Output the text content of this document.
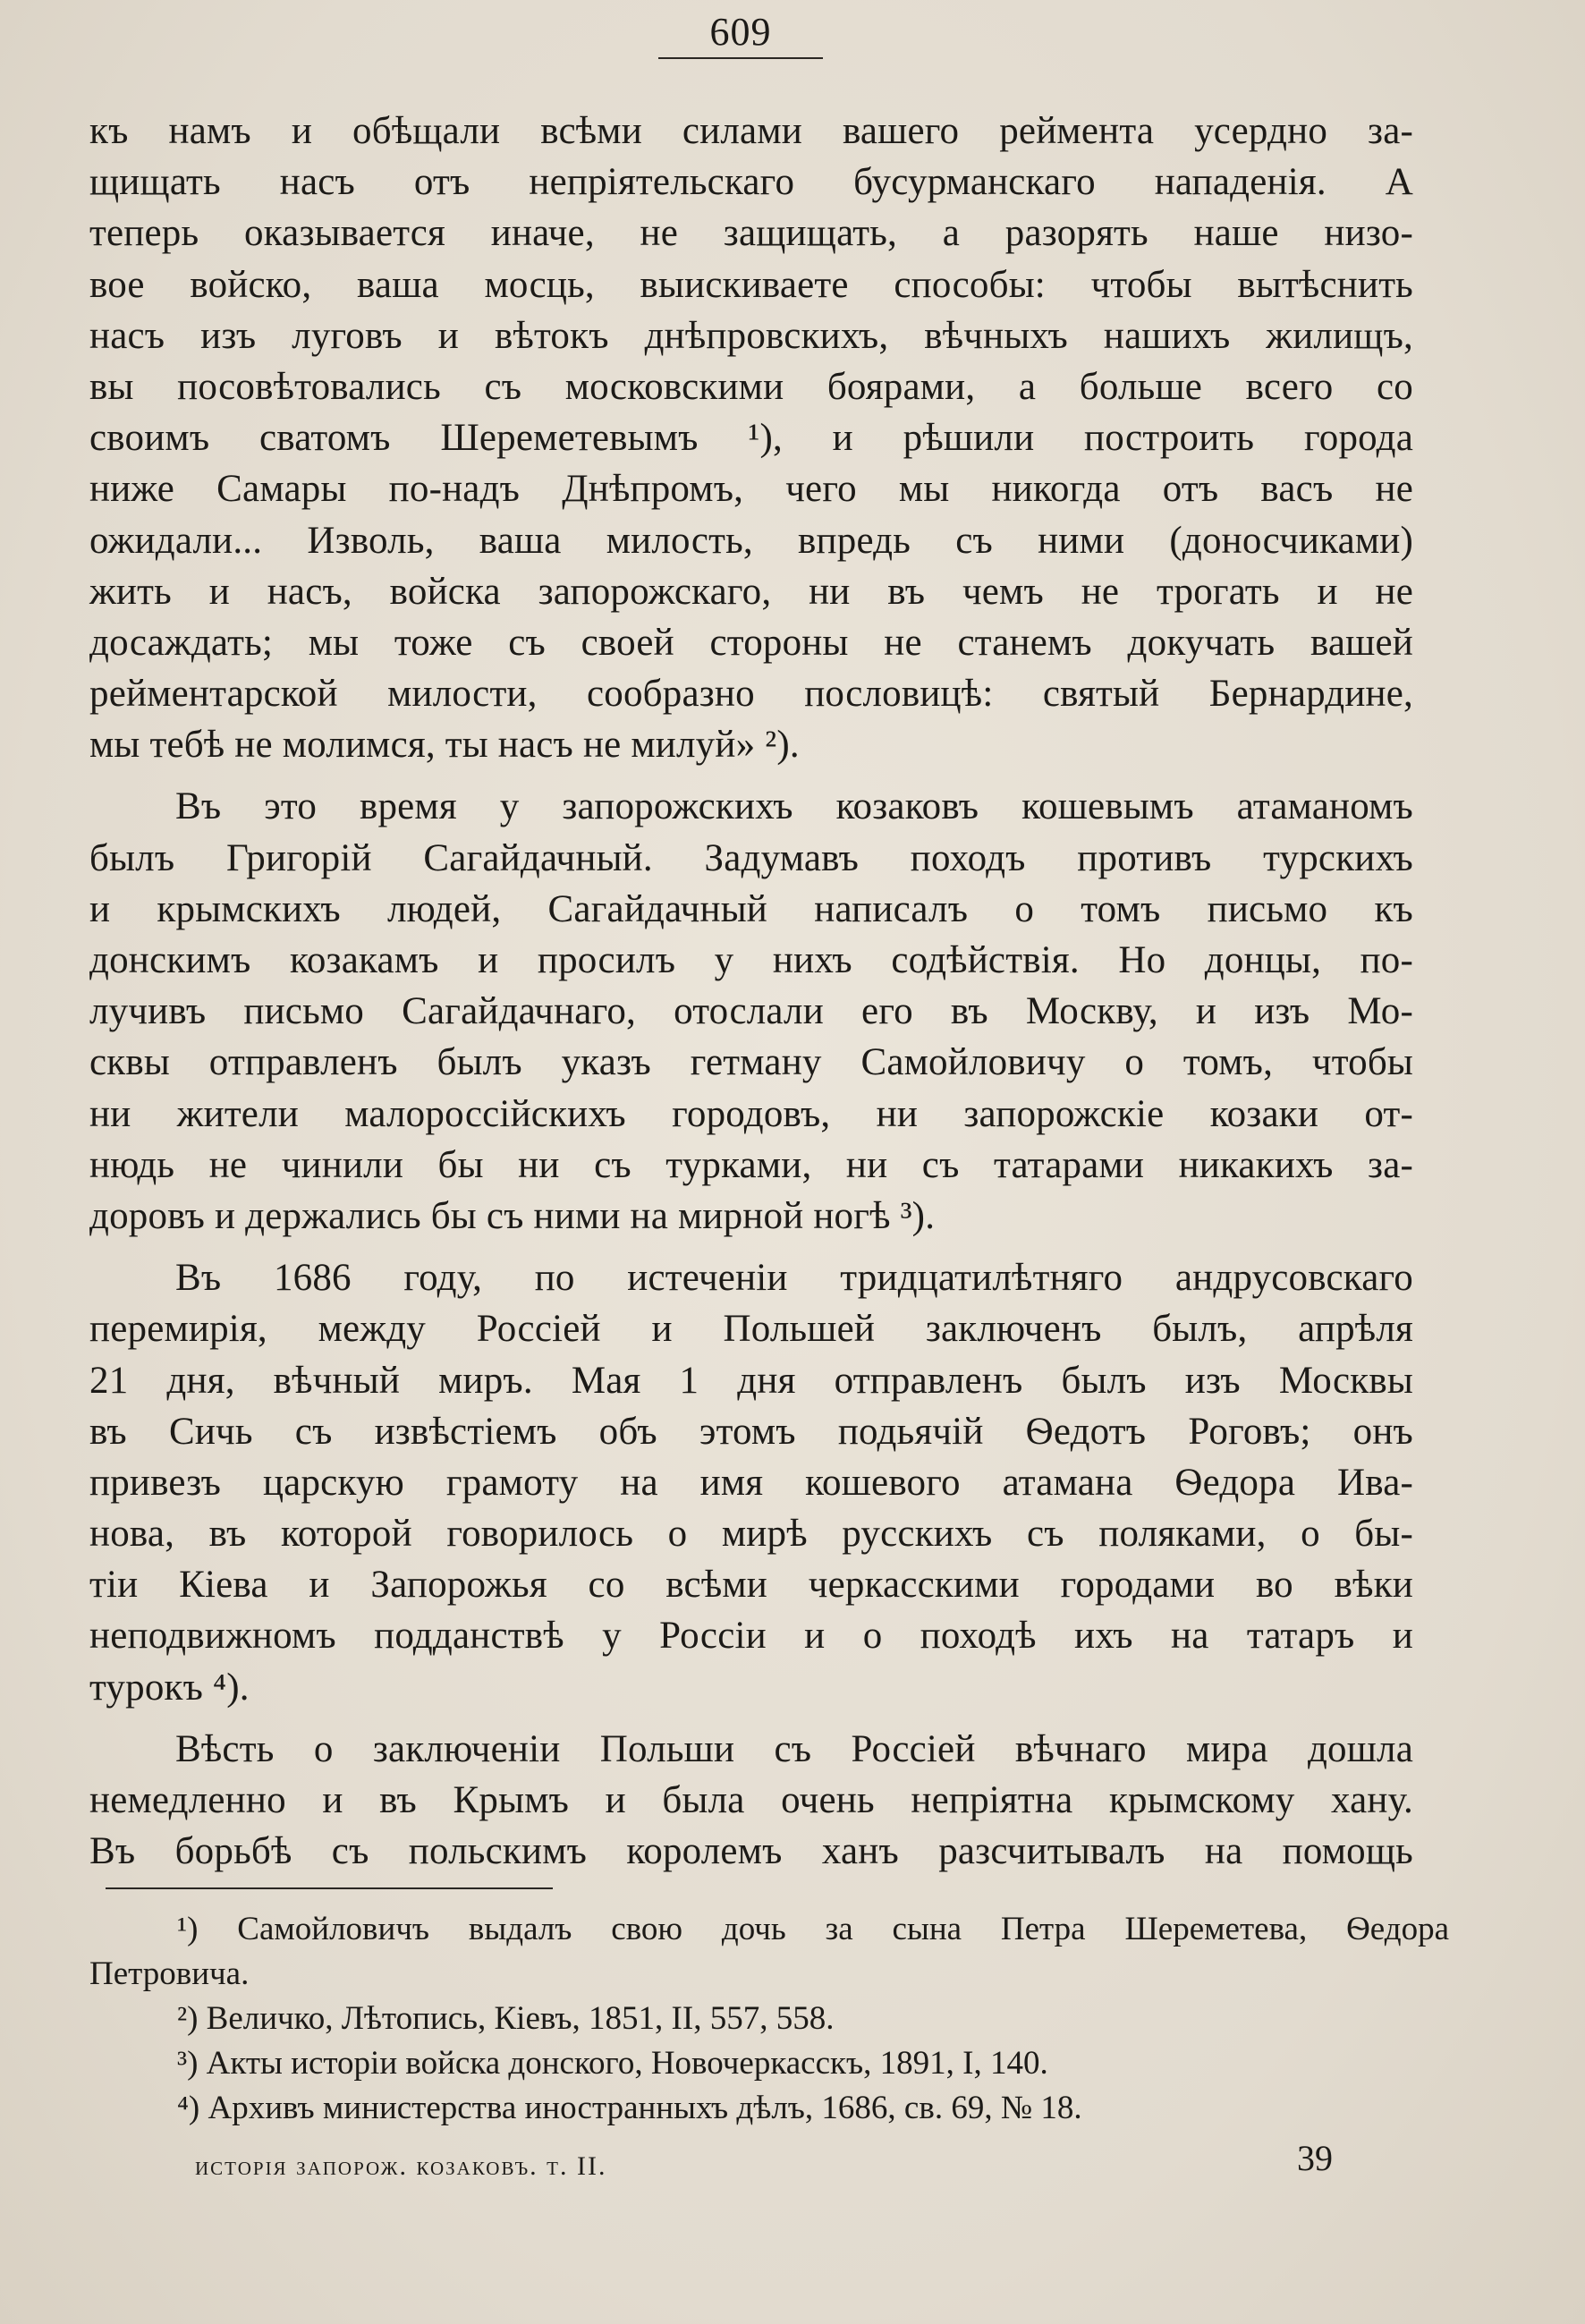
609
къ намъ и обѣщали всѣми силами вашего реймента усердно за-
щищать насъ отъ непріятельскаго бусурманскаго нападенія. А
теперь оказывается иначе, не защищать, а разорять наше низо-
вое войско, ваша мосць, выискиваете способы: чтобы вытѣснить
насъ изъ луговъ и вѣтокъ днѣпровскихъ, вѣчныхъ нашихъ жилищъ,
вы посовѣтовались съ московскими боярами, а больше всего со
своимъ сватомъ Шереметевымъ ¹), и рѣшили построить города
ниже Самары по-надъ Днѣпромъ, чего мы никогда отъ васъ не
ожидали... Изволь, ваша милость, впредь съ ними (доносчиками)
жить и насъ, войска запорожскаго, ни въ чемъ не трогать и не
досаждать; мы тоже съ своей стороны не станемъ докучать вашей
рейментарской милости, сообразно пословицѣ: святый Бернардине,
мы тебѣ не молимся, ты насъ не милуй» ²).
Въ это время у запорожскихъ козаковъ кошевымъ атаманомъ
былъ Григорій Сагайдачный. Задумавъ походъ противъ турскихъ
и крымскихъ людей, Сагайдачный написалъ о томъ письмо къ
донскимъ козакамъ и просилъ у нихъ содѣйствія. Но донцы, по-
лучивъ письмо Сагайдачнаго, отослали его въ Москву, и изъ Мо-
сквы отправленъ былъ указъ гетману Самойловичу о томъ, чтобы
ни жители малороссійскихъ городовъ, ни запорожскіе козаки от-
нюдь не чинили бы ни съ турками, ни съ татарами никакихъ за-
доровъ и держались бы съ ними на мирной ногѣ ³).
Въ 1686 году, по истеченіи тридцатилѣтняго андрусовскаго
перемирія, между Россіей и Польшей заключенъ былъ, апрѣля
21 дня, вѣчный миръ. Мая 1 дня отправленъ былъ изъ Москвы
въ Сичь съ извѣстіемъ объ этомъ подьячій Ѳедотъ Роговъ; онъ
привезъ царскую грамоту на имя кошевого атамана Ѳедора Ива-
нова, въ которой говорилось о мирѣ русскихъ съ поляками, о бы-
тіи Кіева и Запорожья со всѣми черкасскими городами во вѣки
неподвижномъ подданствѣ у Россіи и о походѣ ихъ на татаръ и
турокъ ⁴).
Вѣсть о заключеніи Польши съ Россіей вѣчнаго мира дошла
немедленно и въ Крымъ и была очень непріятна крымскому хану.
Въ борьбѣ съ польскимъ королемъ ханъ разсчитывалъ на помощь
¹) Самойловичъ выдалъ свою дочь за сына Петра Шереметева, Ѳедора
Петровича.
²) Величко, Лѣтопись, Кіевъ, 1851, II, 557, 558.
³) Акты исторіи войска донского, Новочеркасскъ, 1891, I, 140.
⁴) Архивъ министерства иностранныхъ дѣлъ, 1686, св. 69, № 18.
исторія запорож. козаковъ. т. II.	39
